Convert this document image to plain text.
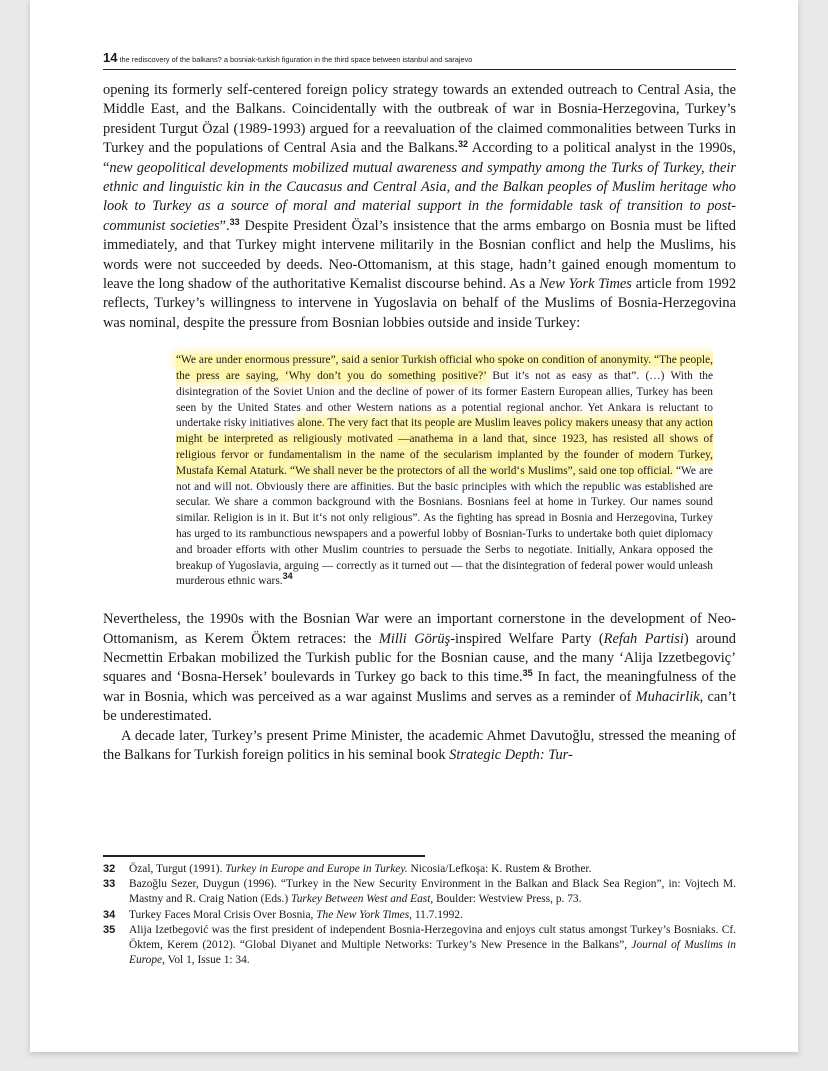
14 the rediscovery of the balkans? a bosniak-turkish figuration in the third space between istanbul and sarajevo

opening its formerly self-centered foreign policy strategy towards an extended outreach to Central Asia, the Middle East, and the Balkans. Coincidentally with the outbreak of war in Bosnia-Herzegovina, Turkey’s president Turgut Özal (1989-1993) argued for a reevaluation of the claimed commonalities between Turks in Turkey and the populations of Central Asia and the Balkans.$^{32}$ According to a political analyst in the 1990s, “new geopolitical developments mobilized mutual awareness and sympathy among the Turks of Turkey, their ethnic and linguistic kin in the Caucasus and Central Asia, and the Balkan peoples of Muslim heritage who look to Turkey as a source of moral and material support in the formidable task of transition to post-communist societies”.$^{33}$ Despite President Özal’s insistence that the arms embargo on Bosnia must be lifted immediately, and that Turkey might intervene militarily in the Bosnian conflict and help the Muslims, his words were not succeeded by deeds. Neo-Ottomanism, at this stage, hadn’t gained enough momentum to leave the long shadow of the authoritative Kemalist discourse behind. As a New York Times article from 1992 reflects, Turkey’s willingness to intervene in Yugoslavia on behalf of the Muslims of Bosnia-Herzegovina was nominal, despite the pressure from Bosnian lobbies outside and inside Turkey:

“We are under enormous pressure”, said a senior Turkish official who spoke on condition of anonymity. “The people, the press are saying, ‘Why don’t you do something positive?’ But it’s not as easy as that”. (…) With the disintegration of the Soviet Union and the decline of power of its former Eastern European allies, Turkey has been seen by the United States and other Western nations as a potential regional anchor. Yet Ankara is reluctant to undertake risky initiatives alone. The very fact that its people are Muslim leaves policy makers uneasy that any action might be interpreted as religiously motivated —anathema in a land that, since 1923, has resisted all shows of religious fervor or fundamentalism in the name of the secularism implanted by the founder of modern Turkey, Mustafa Kemal Ataturk. “We shall never be the protectors of all the world‘s Muslims”, said one top official. “We are not and will not. Obviously there are affinities. But the basic principles with which the republic was established are secular. We share a common background with the Bosnians. Bosnians feel at home in Turkey. Our names sound similar. Religion is in it. But it‘s not only religious”. As the fighting has spread in Bosnia and Herzegovina, Turkey has urged to its rambunctious newspapers and a powerful lobby of Bosnian-Turks to undertake both quiet diplomacy and broader efforts with other Muslim countries to persuade the Serbs to negotiate. Initially, Ankara opposed the breakup of Yugoslavia, arguing — correctly as it turned out — that the disintegration of federal power would unleash murderous ethnic wars.$^{34}$

Nevertheless, the 1990s with the Bosnian War were an important cornerstone in the development of Neo-Ottomanism, as Kerem Öktem retraces: the Milli Görüş-inspired Welfare Party (Refah Partisi) around Necmettin Erbakan mobilized the Turkish public for the Bosnian cause, and the many ‘Alija Izzetbegoviç’ squares and ‘Bosna-Hersek’ boulevards in Turkey go back to this time.$^{35}$ In fact, the meaningfulness of the war in Bosnia, which was perceived as a war against Muslims and serves as a reminder of Muhacirlik, can’t be underestimated.

A decade later, Turkey’s present Prime Minister, the academic Ahmet Davutoğlu, stressed the meaning of the Balkans for Turkish foreign politics in his seminal book Strategic Depth: Tur-

32	Özal, Turgut (1991). Turkey in Europe and Europe in Turkey. Nicosia/Lefkoşa: K. Rustem & Brother.
33	Bazoğlu Sezer, Duygun (1996). “Turkey in the New Security Environment in the Balkan and Black Sea Region”, in: Vojtech M. Mastny and R. Craig Nation (Eds.) Turkey Between West and East, Boulder: Westview Press, p. 73.
34	Turkey Faces Moral Crisis Over Bosnia, The New York Times, 11.7.1992.
35	Alija Izetbegović was the first president of independent Bosnia-Herzegovina and enjoys cult status amongst Turkey’s Bosniaks. Cf. Öktem, Kerem (2012). “Global Diyanet and Multiple Networks: Turkey’s New Presence in the Balkans”, Journal of Muslims in Europe, Vol 1, Issue 1: 34.
